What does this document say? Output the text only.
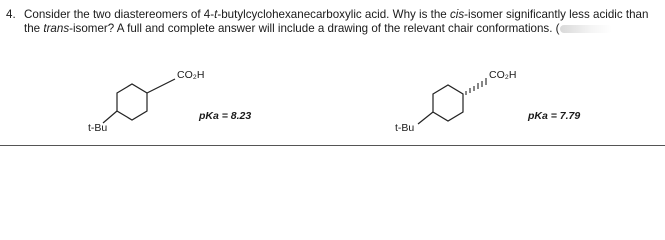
4. Consider the two diastereomers of 4-t-butylcyclohexanecarboxylic acid. Why is the cis-isomer significantly less acidic than the trans-isomer? A full and complete answer will include a drawing of the relevant chair conformations. (
t-Bu
CO₂H
pKa = 8.23
t-Bu
CO₂H
pKa = 7.79
